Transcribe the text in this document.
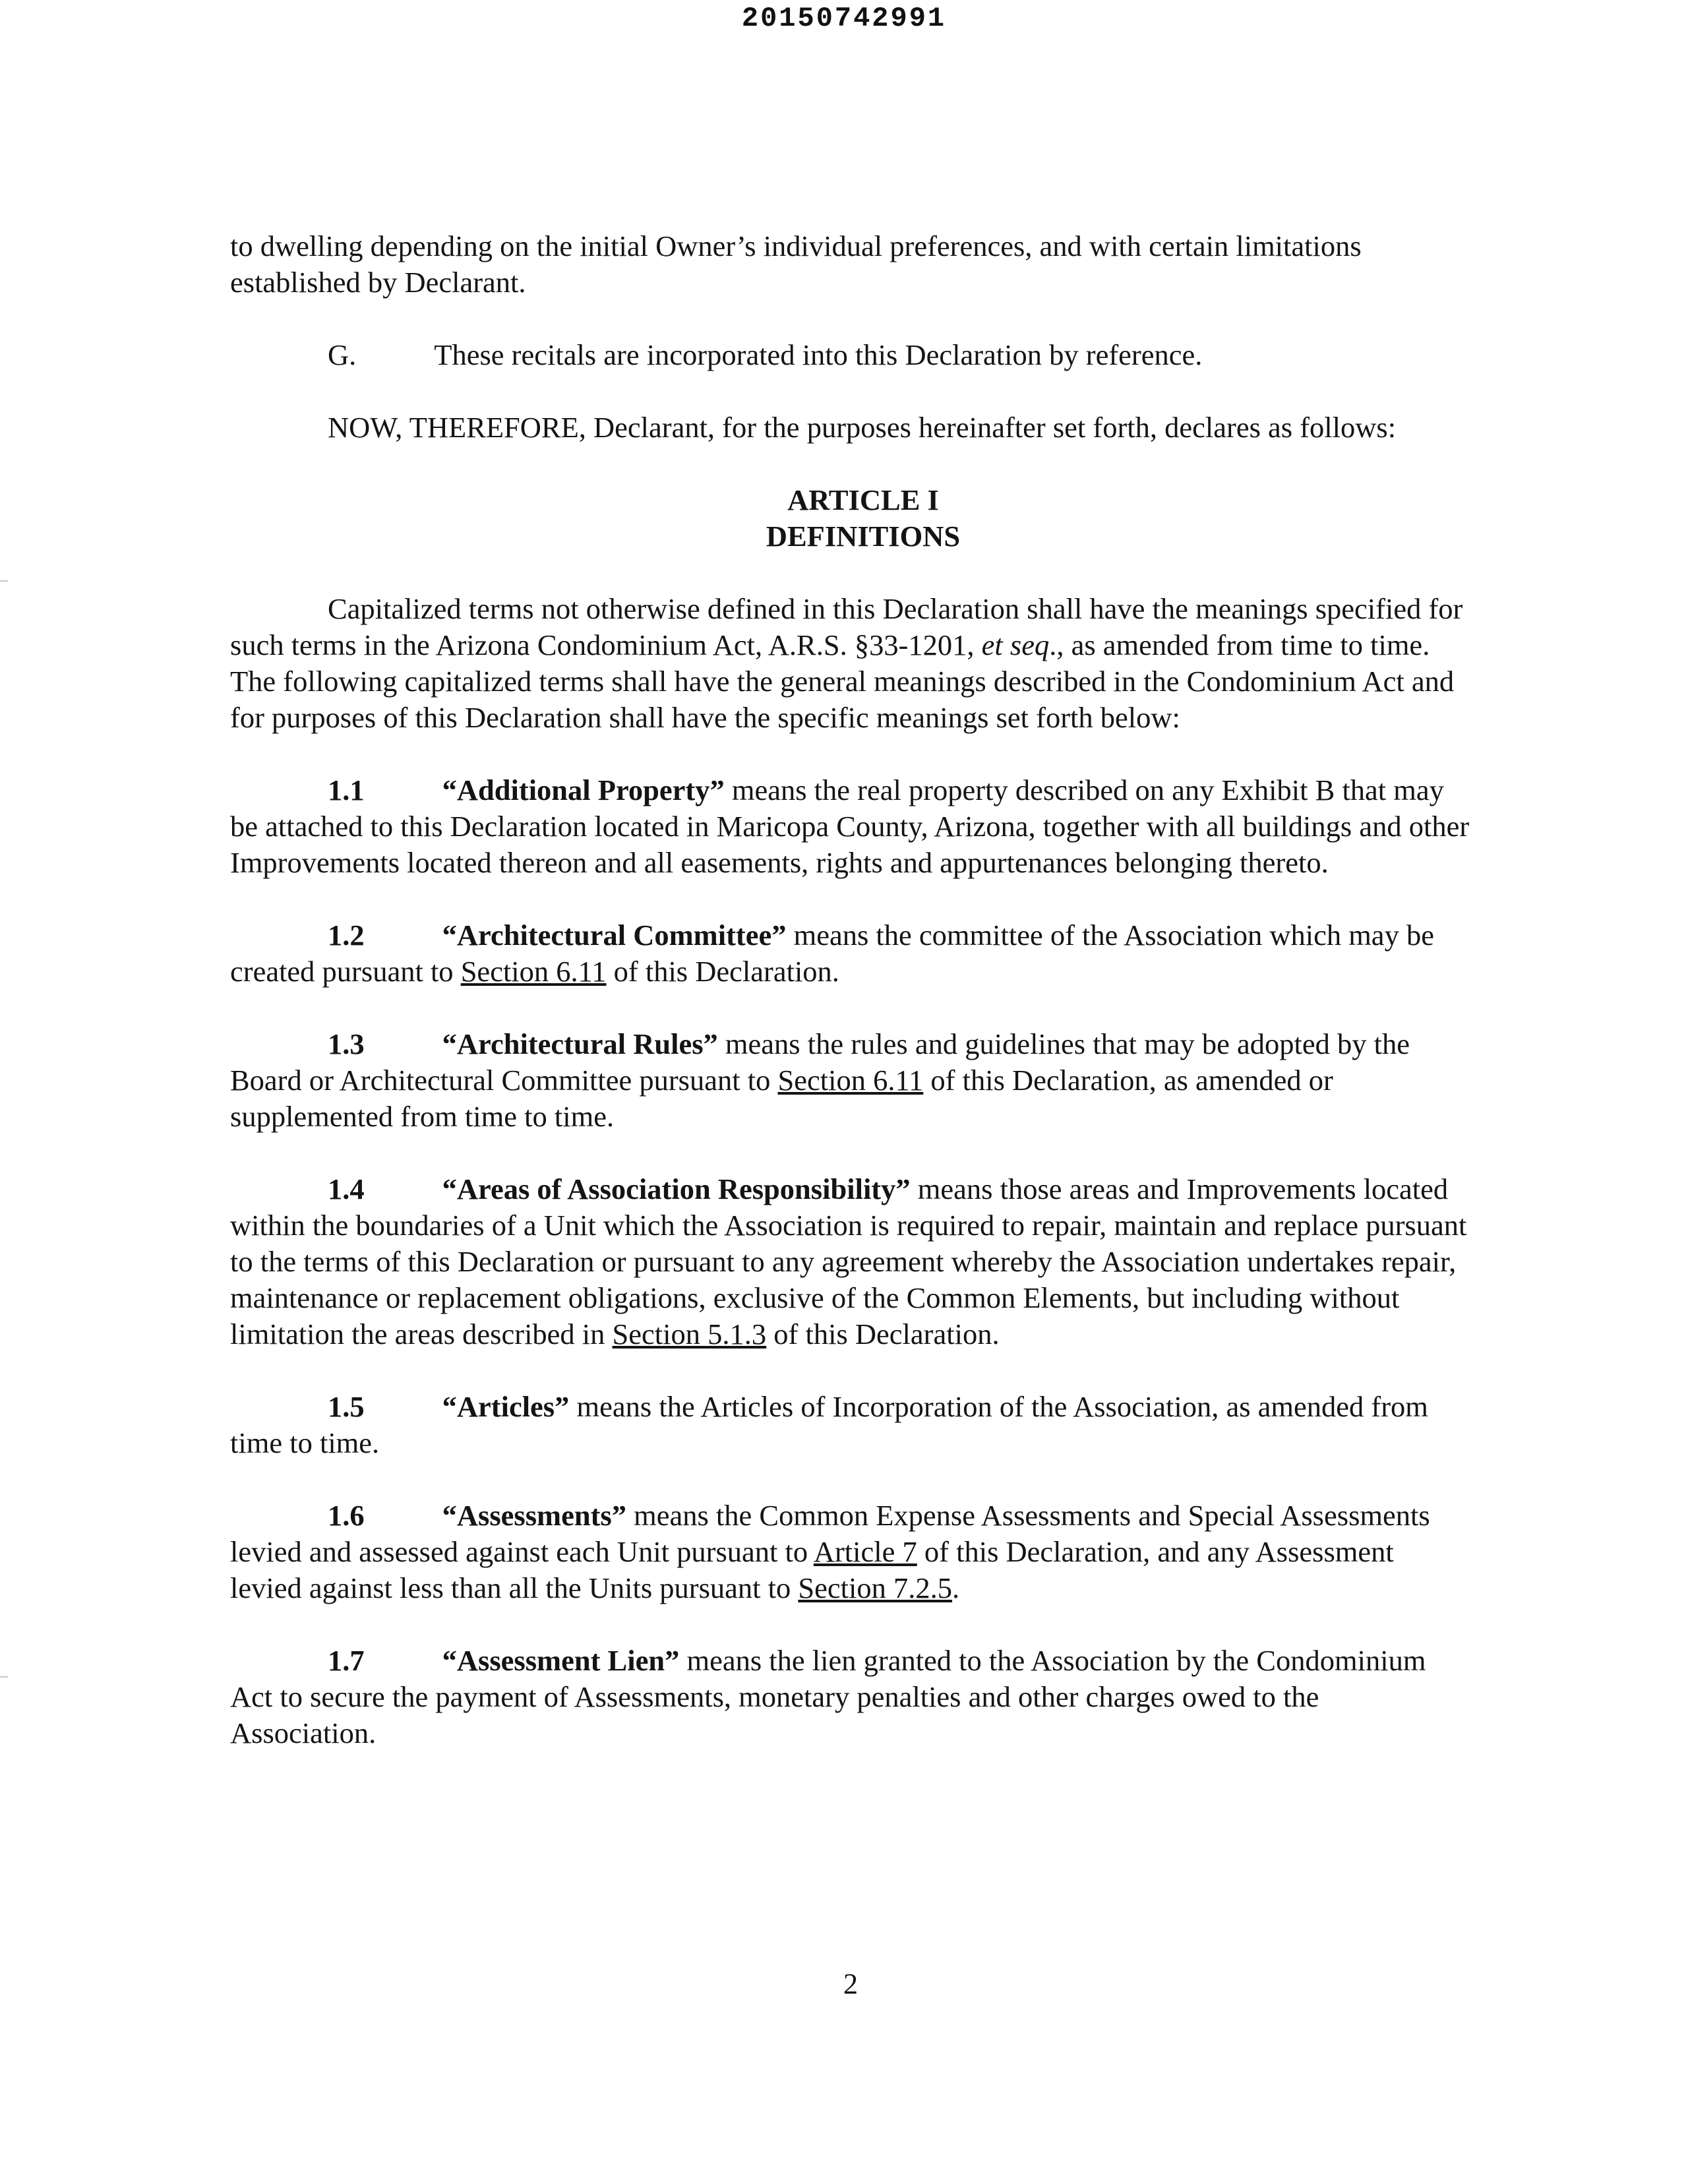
20150742991

to dwelling depending on the initial Owner’s individual preferences, and with certain limitations established by Declarant.

G.	These recitals are incorporated into this Declaration by reference.

NOW, THEREFORE, Declarant, for the purposes hereinafter set forth, declares as follows:

ARTICLE I

DEFINITIONS

Capitalized terms not otherwise defined in this Declaration shall have the meanings specified for such terms in the Arizona Condominium Act, A.R.S. §33-1201, et seq., as amended from time to time. The following capitalized terms shall have the general meanings described in the Condominium Act and for purposes of this Declaration shall have the specific meanings set forth below:

1.1	“Additional Property” means the real property described on any Exhibit B that may be attached to this Declaration located in Maricopa County, Arizona, together with all buildings and other Improvements located thereon and all easements, rights and appurtenances belonging thereto.

1.2	“Architectural Committee” means the committee of the Association which may be created pursuant to Section 6.11 of this Declaration.

1.3	“Architectural Rules” means the rules and guidelines that may be adopted by the Board or Architectural Committee pursuant to Section 6.11 of this Declaration, as amended or supplemented from time to time.

1.4	“Areas of Association Responsibility” means those areas and Improvements located within the boundaries of a Unit which the Association is required to repair, maintain and replace pursuant to the terms of this Declaration or pursuant to any agreement whereby the Association undertakes repair, maintenance or replacement obligations, exclusive of the Common Elements, but including without limitation the areas described in Section 5.1.3 of this Declaration.

1.5	“Articles” means the Articles of Incorporation of the Association, as amended from time to time.

1.6	“Assessments” means the Common Expense Assessments and Special Assessments levied and assessed against each Unit pursuant to Article 7 of this Declaration, and any Assessment levied against less than all the Units pursuant to Section 7.2.5.

1.7	“Assessment Lien” means the lien granted to the Association by the Condominium Act to secure the payment of Assessments, monetary penalties and other charges owed to the Association.

2
